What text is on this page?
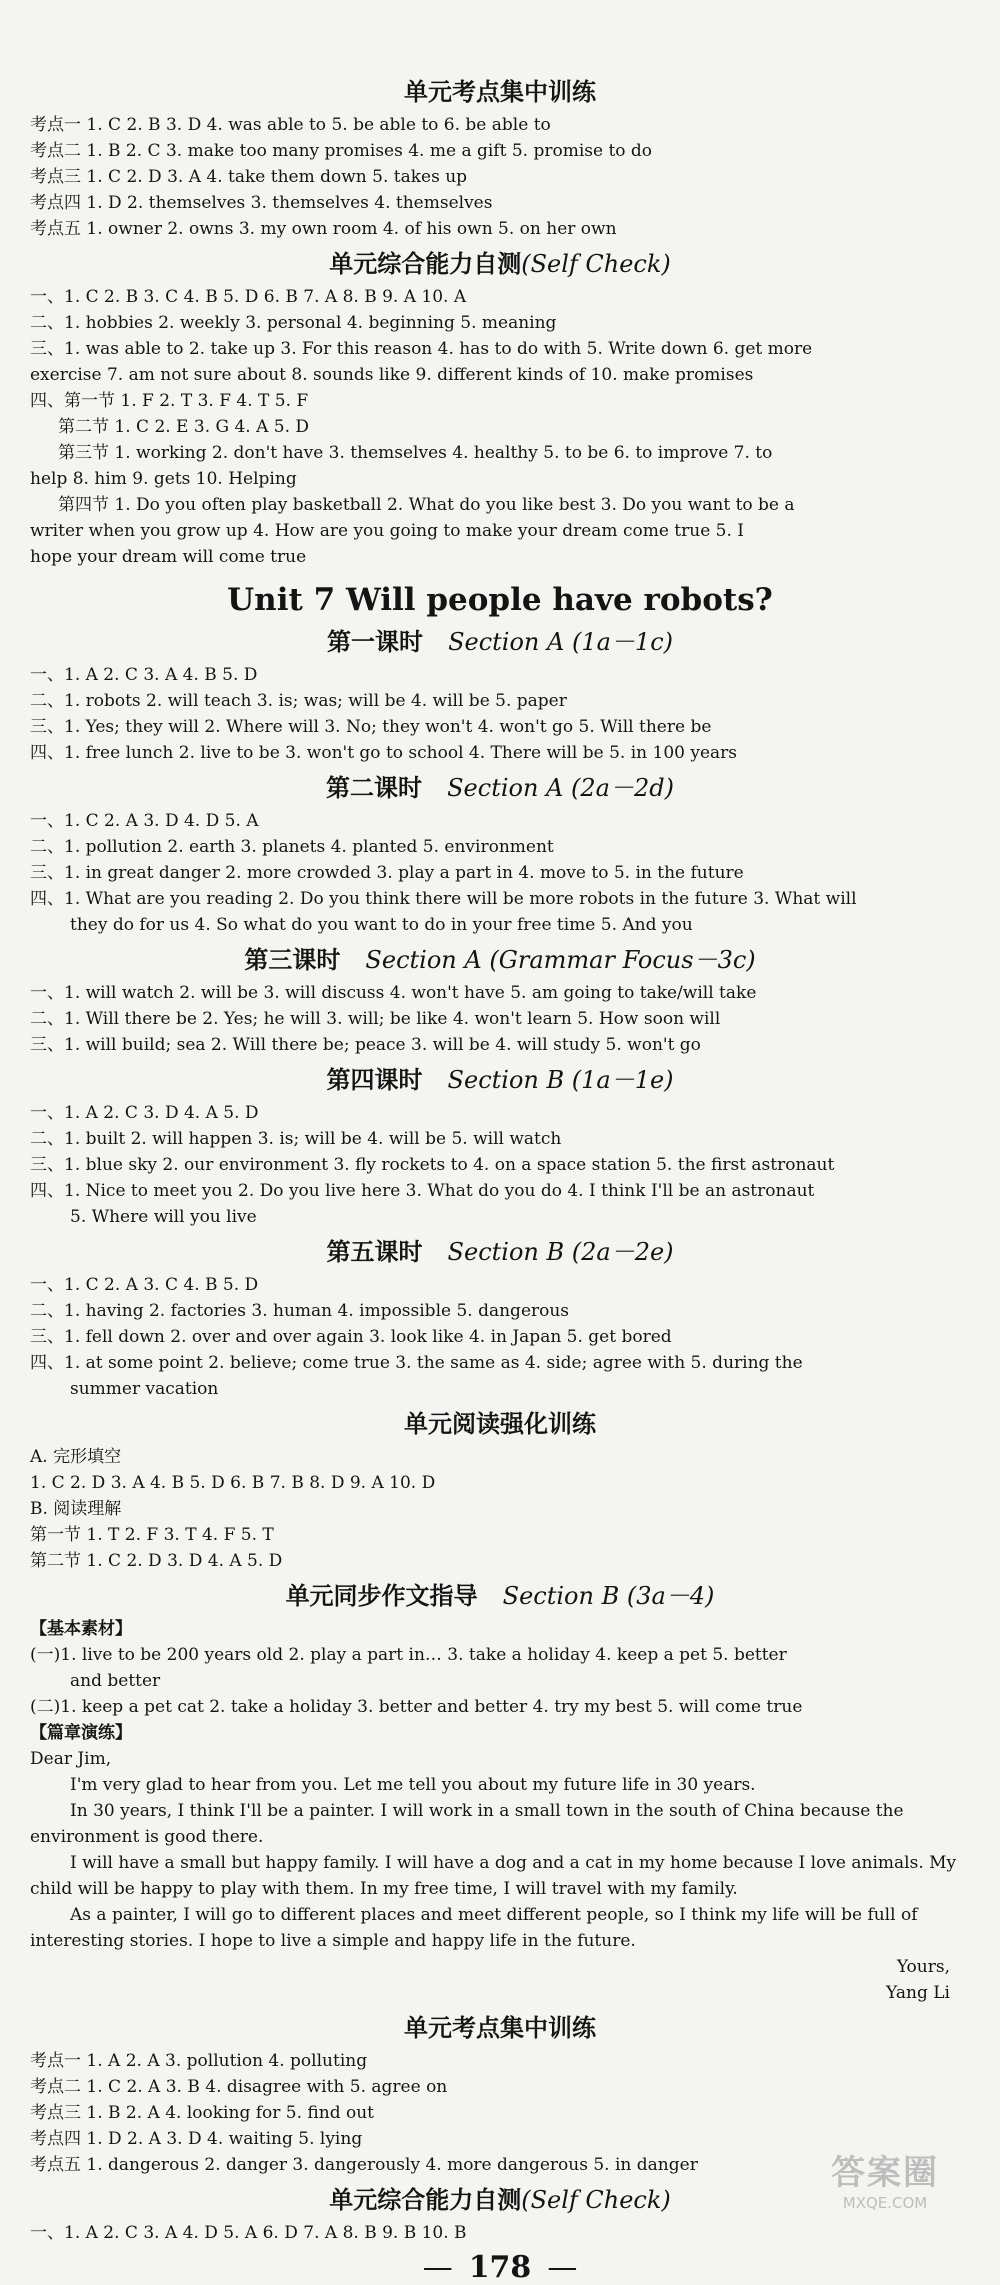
单元考点集中训练
考点一 1. C 2. B 3. D 4. was able to 5. be able to 6. be able to
考点二 1. B 2. C 3. make too many promises 4. me a gift 5. promise to do
考点三 1. C 2. D 3. A 4. take them down 5. takes up
考点四 1. D 2. themselves 3. themselves 4. themselves
考点五 1. owner 2. owns 3. my own room 4. of his own 5. on her own
单元综合能力自测(Self Check)
一、1. C 2. B 3. C 4. B 5. D 6. B 7. A 8. B 9. A 10. A
二、1. hobbies 2. weekly 3. personal 4. beginning 5. meaning
三、1. was able to 2. take up 3. For this reason 4. has to do with 5. Write down 6. get more
exercise 7. am not sure about 8. sounds like 9. different kinds of 10. make promises
四、第一节 1. F 2. T 3. F 4. T 5. F
第二节 1. C 2. E 3. G 4. A 5. D
第三节 1. working 2. don't have 3. themselves 4. healthy 5. to be 6. to improve 7. to
help 8. him 9. gets 10. Helping
第四节 1. Do you often play basketball 2. What do you like best 3. Do you want to be a
writer when you grow up 4. How are you going to make your dream come true 5. I
hope your dream will come true
Unit 7 Will people have robots?
第一课时 Section A (1a－1c)
一、1. A 2. C 3. A 4. B 5. D
二、1. robots 2. will teach 3. is; was; will be 4. will be 5. paper
三、1. Yes; they will 2. Where will 3. No; they won't 4. won't go 5. Will there be
四、1. free lunch 2. live to be 3. won't go to school 4. There will be 5. in 100 years
第二课时 Section A (2a－2d)
一、1. C 2. A 3. D 4. D 5. A
二、1. pollution 2. earth 3. planets 4. planted 5. environment
三、1. in great danger 2. more crowded 3. play a part in 4. move to 5. in the future
四、1. What are you reading 2. Do you think there will be more robots in the future 3. What will
they do for us 4. So what do you want to do in your free time 5. And you
第三课时 Section A (Grammar Focus－3c)
一、1. will watch 2. will be 3. will discuss 4. won't have 5. am going to take/will take
二、1. Will there be 2. Yes; he will 3. will; be like 4. won't learn 5. How soon will
三、1. will build; sea 2. Will there be; peace 3. will be 4. will study 5. won't go
第四课时 Section B (1a－1e)
一、1. A 2. C 3. D 4. A 5. D
二、1. built 2. will happen 3. is; will be 4. will be 5. will watch
三、1. blue sky 2. our environment 3. fly rockets to 4. on a space station 5. the first astronaut
四、1. Nice to meet you 2. Do you live here 3. What do you do 4. I think I'll be an astronaut
5. Where will you live
第五课时 Section B (2a－2e)
一、1. C 2. A 3. C 4. B 5. D
二、1. having 2. factories 3. human 4. impossible 5. dangerous
三、1. fell down 2. over and over again 3. look like 4. in Japan 5. get bored
四、1. at some point 2. believe; come true 3. the same as 4. side; agree with 5. during the
summer vacation
单元阅读强化训练
A. 完形填空
1. C 2. D 3. A 4. B 5. D 6. B 7. B 8. D 9. A 10. D
B. 阅读理解
第一节 1. T 2. F 3. T 4. F 5. T
第二节 1. C 2. D 3. D 4. A 5. D
单元同步作文指导 Section B (3a－4)
【基本素材】
(一)1. live to be 200 years old 2. play a part in… 3. take a holiday 4. keep a pet 5. better
and better
(二)1. keep a pet cat 2. take a holiday 3. better and better 4. try my best 5. will come true
【篇章演练】
Dear Jim,
I'm very glad to hear from you. Let me tell you about my future life in 30 years.
In 30 years, I think I'll be a painter. I will work in a small town in the south of China because the environment is good there.
I will have a small but happy family. I will have a dog and a cat in my home because I love animals. My child will be happy to play with them. In my free time, I will travel with my family.
As a painter, I will go to different places and meet different people, so I think my life will be full of interesting stories. I hope to live a simple and happy life in the future.
Yours,
Yang Li
单元考点集中训练
考点一 1. A 2. A 3. pollution 4. polluting
考点二 1. C 2. A 3. B 4. disagree with 5. agree on
考点三 1. B 2. A 4. looking for 5. find out
考点四 1. D 2. A 3. D 4. waiting 5. lying
考点五 1. dangerous 2. danger 3. dangerously 4. more dangerous 5. in danger
单元综合能力自测(Self Check)
一、1. A 2. C 3. A 4. D 5. A 6. D 7. A 8. B 9. B 10. B
— 178 —
答案圈
MXQE.COM
